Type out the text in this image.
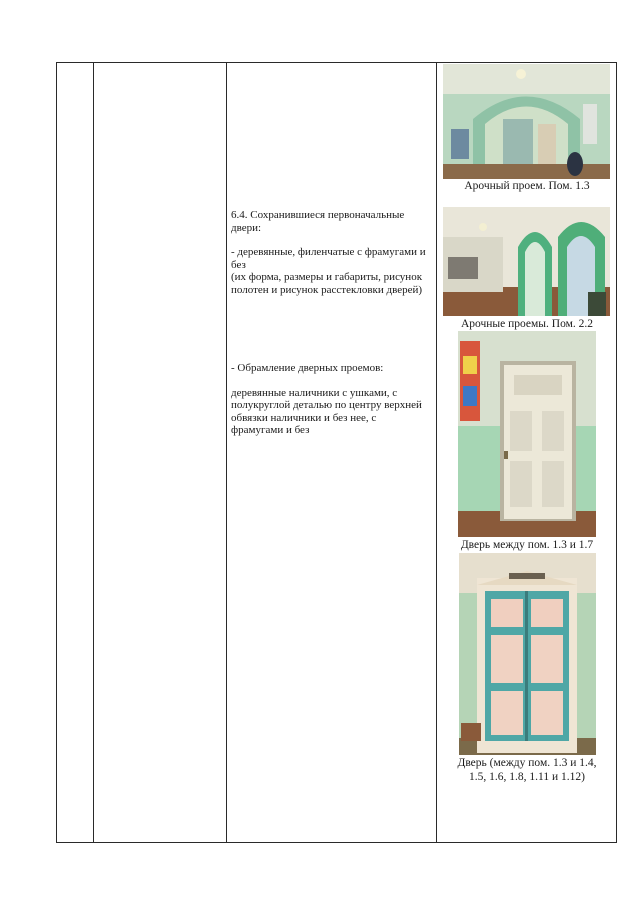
6.4. Сохранившиеся первоначальные двери:

- деревянные, филенчатые с фрамугами и без

(их форма, размеры и габариты, рисунок полотен и рисунок расстекловки дверей)

- Обрамление дверных проемов:

деревянные наличники с ушками, с полукруглой деталью по центру верхней обвязки наличники и без нее, с фрамугами и без

Арочный проем. Пом. 1.3
Арочные проемы. Пом. 2.2
Дверь между пом. 1.3 и 1.7
Дверь (между пом. 1.3 и 1.4,
1.5, 1.6, 1.8, 1.11 и 1.12)
